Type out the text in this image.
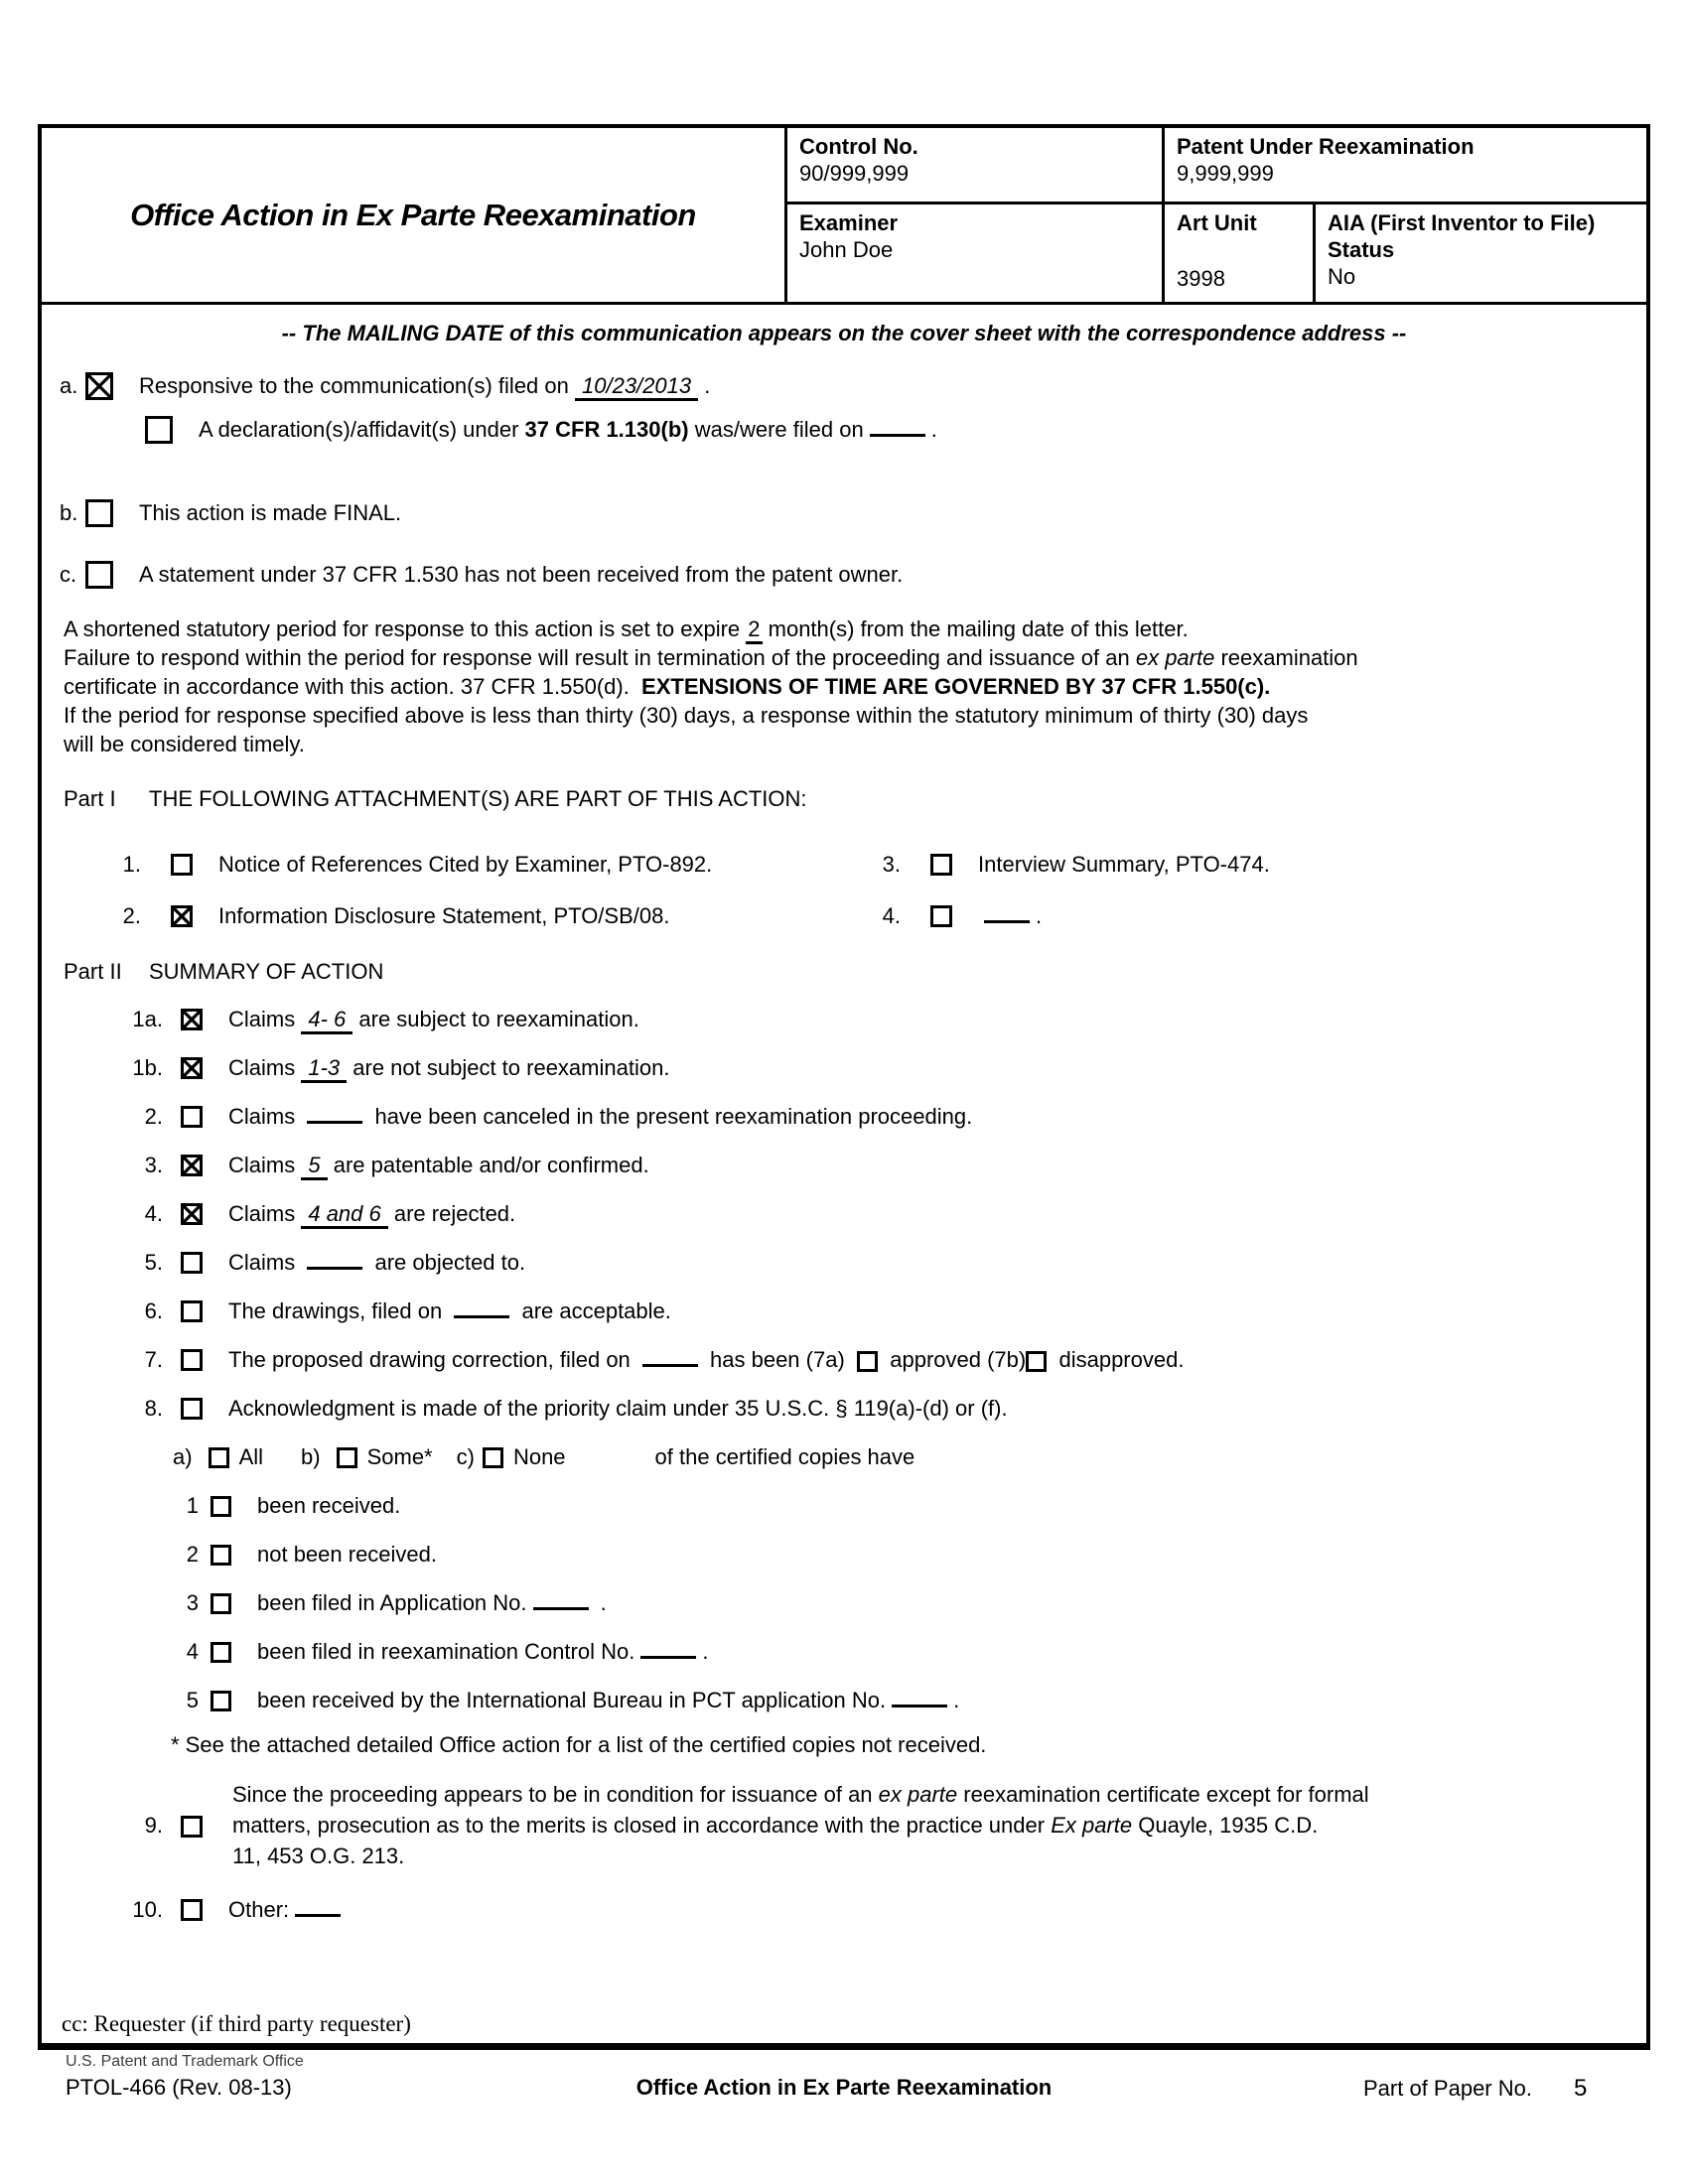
Office Action in Ex Parte Reexamination
Control No.
90/999,999
Patent Under Reexamination
9,999,999
Examiner
John Doe
Art Unit
3998
AIA (First Inventor to File) Status
No
-- The MAILING DATE of this communication appears on the cover sheet with the correspondence address --
a.	Responsive to the communication(s) filed on 10/23/2013 .
A declaration(s)/affidavit(s) under 37 CFR 1.130(b) was/were filed on	.
b.	This action is made FINAL.
c.	A statement under 37 CFR 1.530 has not been received from the patent owner.
A shortened statutory period for response to this action is set to expire 2 month(s) from the mailing date of this letter.
Failure to respond within the period for response will result in termination of the proceeding and issuance of an ex parte reexamination
certificate in accordance with this action. 37 CFR 1.550(d).  EXTENSIONS OF TIME ARE GOVERNED BY 37 CFR 1.550(c).
If the period for response specified above is less than thirty (30) days, a response within the statutory minimum of thirty (30) days
will be considered timely.
Part I	THE FOLLOWING ATTACHMENT(S) ARE PART OF THIS ACTION:
1.	Notice of References Cited by Examiner, PTO-892.	3.	Interview Summary, PTO-474.
2.	Information Disclosure Statement, PTO/SB/08.	4.	.
Part II	SUMMARY OF ACTION
1a.	Claims 4- 6 are subject to reexamination.
1b.	Claims 1-3 are not subject to reexamination.
2.	Claims	have been canceled in the present reexamination proceeding.
3.	Claims 5 are patentable and/or confirmed.
4.	Claims 4 and 6 are rejected.
5.	Claims	are objected to.
6.	The drawings, filed on	are acceptable.
7.	The proposed drawing correction, filed on	has been (7a) approved (7b) disapproved.
8.	Acknowledgment is made of the priority claim under 35 U.S.C. § 119(a)-(d) or (f).
a) All b) Some* c) None	of the certified copies have
1	been received.
2	not been received.
3	been filed in Application No.	.
4	been filed in reexamination Control No.	.
5	been received by the International Bureau in PCT application No.	.
* See the attached detailed Office action for a list of the certified copies not received.
9.
Since the proceeding appears to be in condition for issuance of an ex parte reexamination certificate except for formal
matters, prosecution as to the merits is closed in accordance with the practice under Ex parte Quayle, 1935 C.D.
11, 453 O.G. 213.
10.	Other:
cc: Requester (if third party requester)
U.S. Patent and Trademark Office
PTOL-466 (Rev. 08-13)	Office Action in Ex Parte Reexamination	Part of Paper No. 5
